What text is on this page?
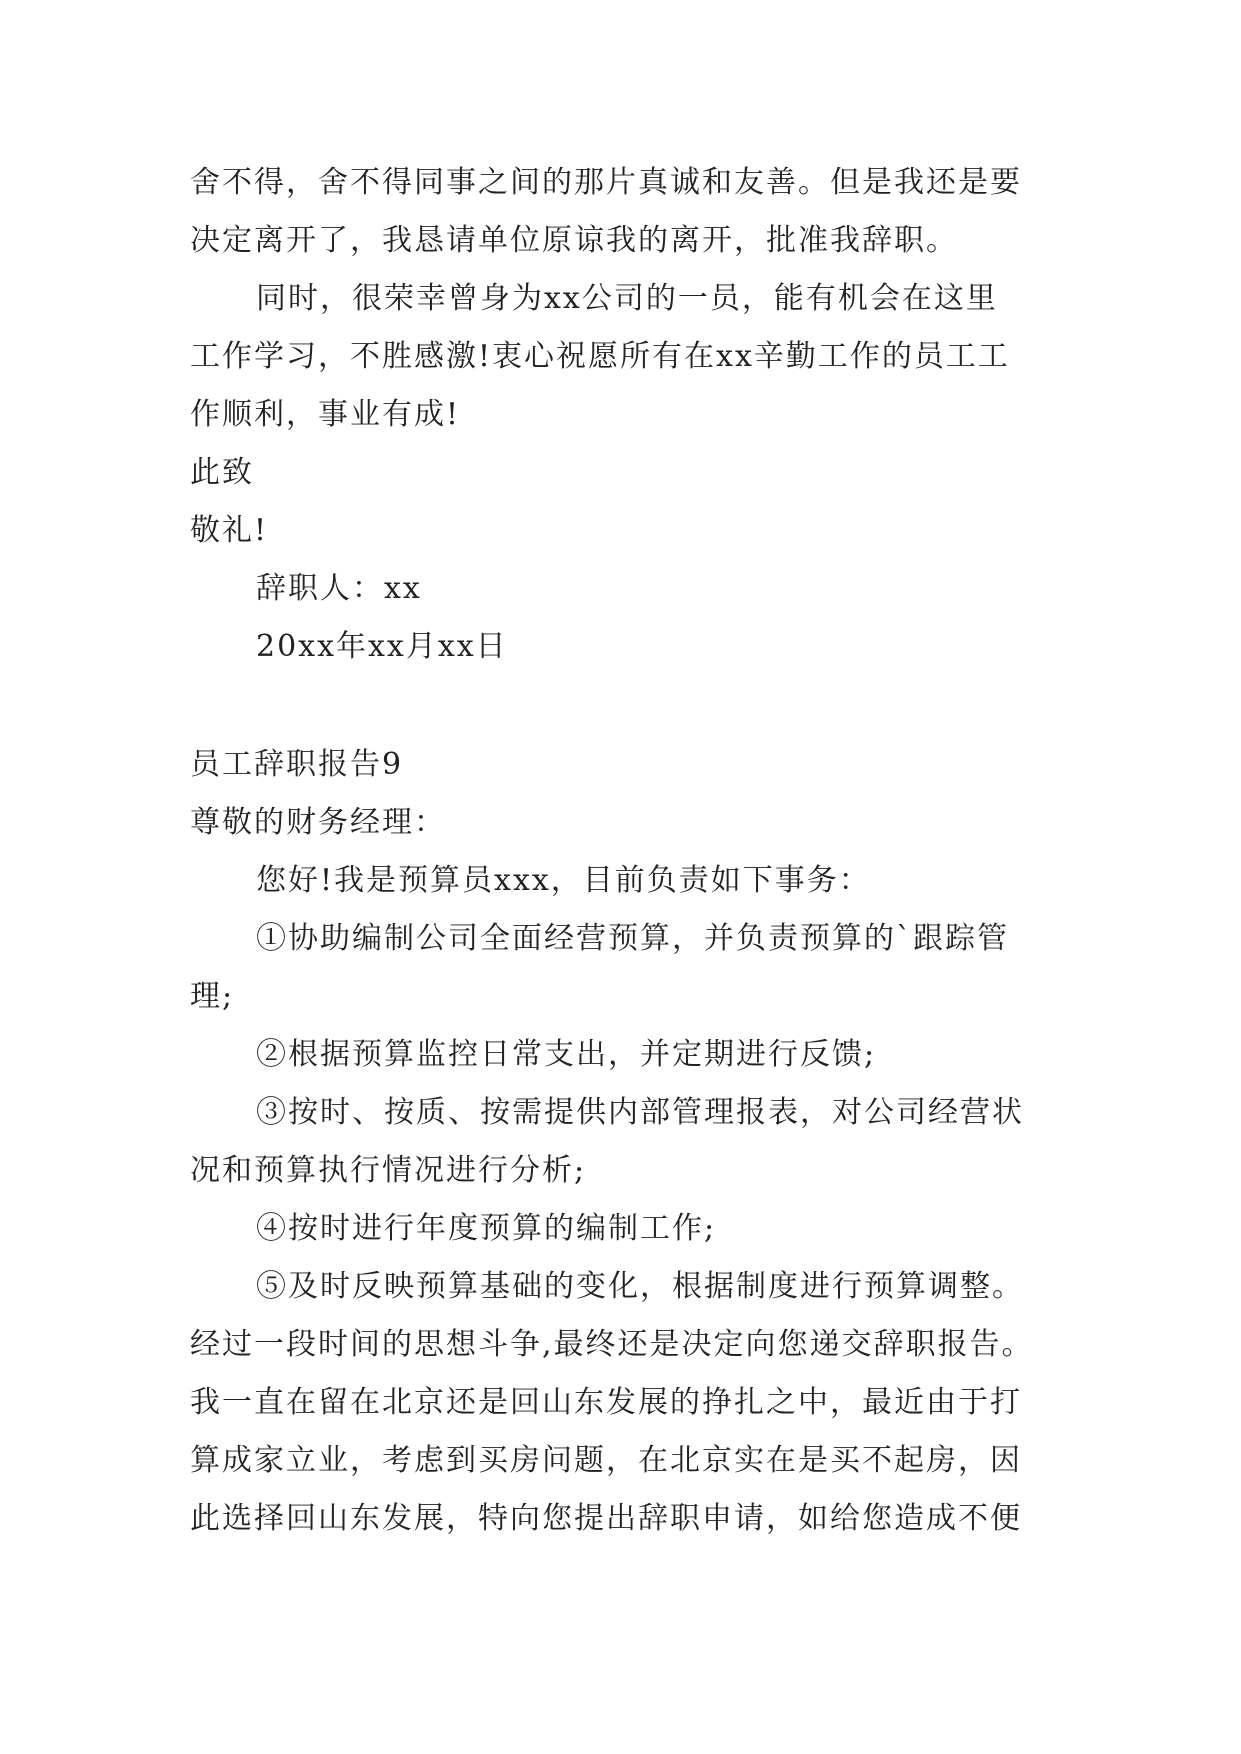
舍不得，舍不得同事之间的那片真诚和友善。但是我还是要
决定离开了，我恳请单位原谅我的离开，批准我辞职。
同时，很荣幸曾身为xx公司的一员，能有机会在这里
工作学习，不胜感激!衷心祝愿所有在xx辛勤工作的员工工
作顺利，事业有成!
此致
敬礼!
辞职人：xx
20xx年xx月xx日
员工辞职报告9
尊敬的财务经理：
您好!我是预算员xxx，目前负责如下事务：
①协助编制公司全面经营预算，并负责预算的`跟踪管
理;
②根据预算监控日常支出，并定期进行反馈;
③按时、按质、按需提供内部管理报表，对公司经营状
况和预算执行情况进行分析;
④按时进行年度预算的编制工作;
⑤及时反映预算基础的变化，根据制度进行预算调整。
经过一段时间的思想斗争,最终还是决定向您递交辞职报告。
我一直在留在北京还是回山东发展的挣扎之中，最近由于打
算成家立业，考虑到买房问题，在北京实在是买不起房，因
此选择回山东发展，特向您提出辞职申请，如给您造成不便
